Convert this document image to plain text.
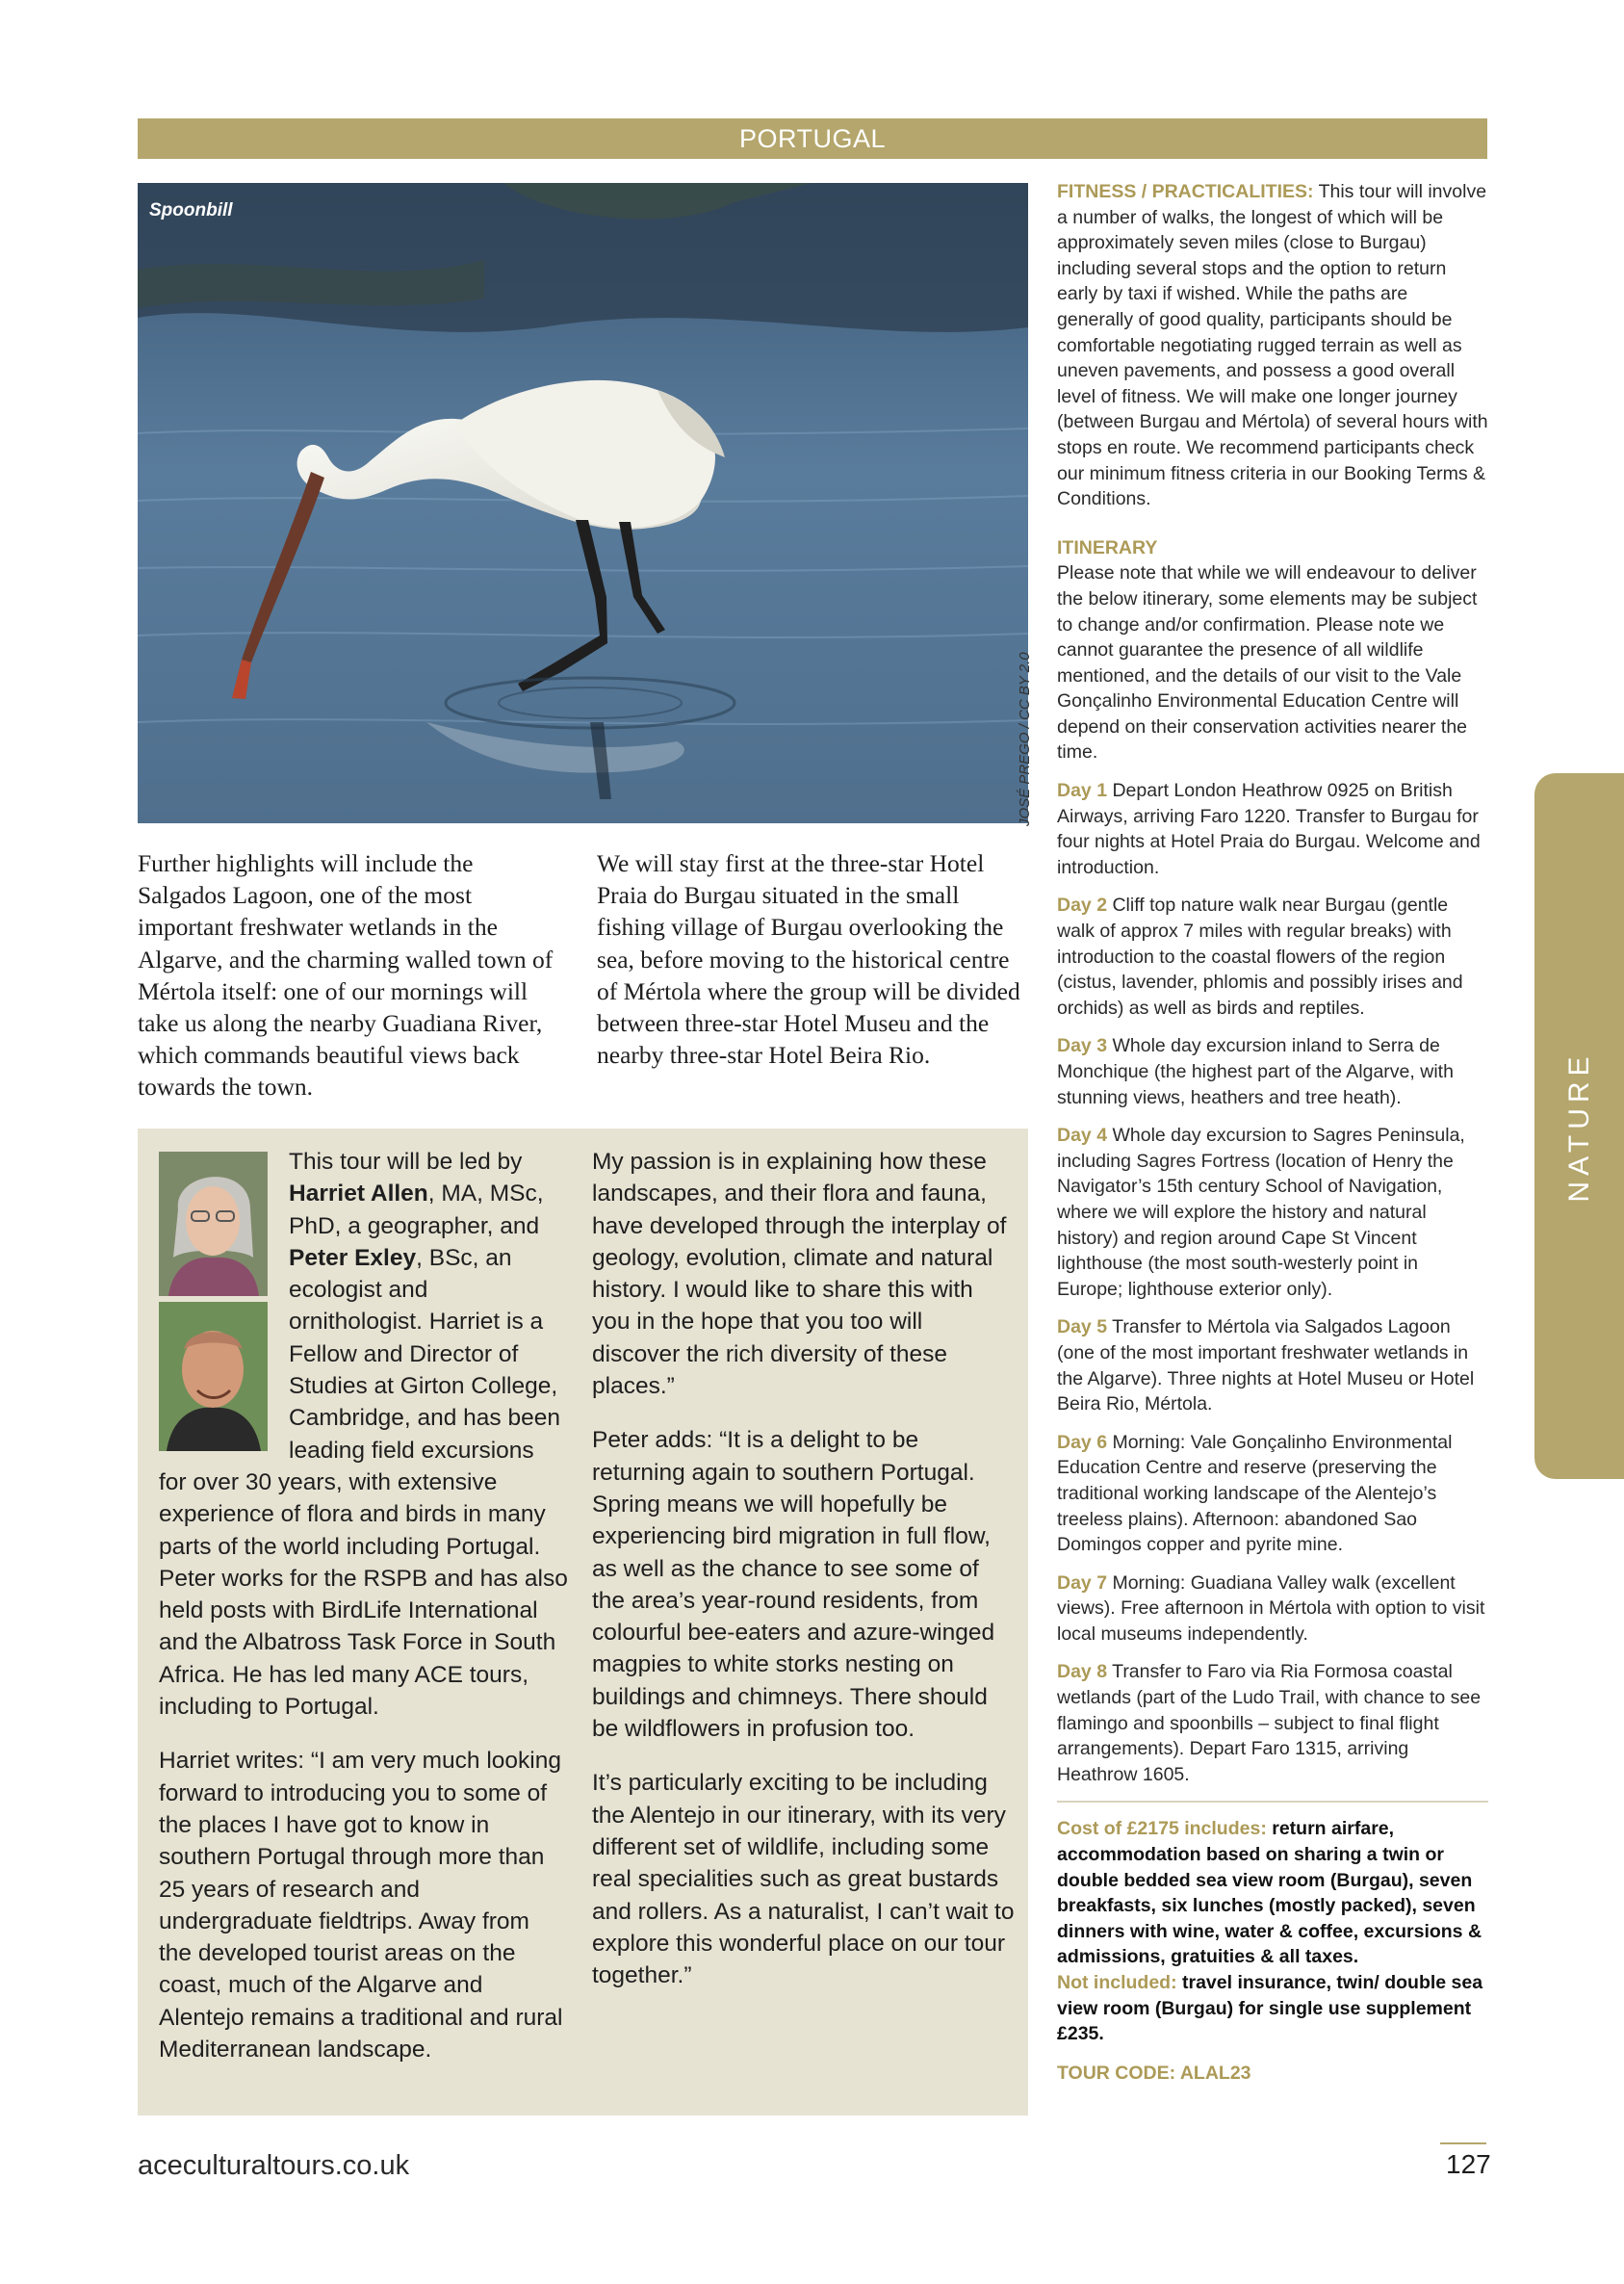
PORTUGAL
Spoonbill
JOSÉ PREGO / CC BY 2.0
Further highlights will include the Salgados Lagoon, one of the most important freshwater wetlands in the Algarve, and the charming walled town of Mértola itself: one of our mornings will take us along the nearby Guadiana River, which commands beautiful views back towards the town.
We will stay first at the three-star Hotel Praia do Burgau situated in the small fishing village of Burgau overlooking the sea, before moving to the historical centre of Mértola where the group will be divided between three-star Hotel Museu and the nearby three-star Hotel Beira Rio.

This tour will be led by Harriet Allen, MA, MSc, PhD, a geographer, and Peter Exley, BSc, an ecologist and ornithologist. Harriet is a Fellow and Director of Studies at Girton College, Cambridge, and has been leading field excursions for over 30 years, with extensive experience of flora and birds in many parts of the world including Portugal. Peter works for the RSPB and has also held posts with BirdLife International and the Albatross Task Force in South Africa. He has led many ACE tours, including to Portugal.

Harriet writes: “I am very much looking forward to introducing you to some of the places I have got to know in southern Portugal through more than 25 years of research and undergraduate fieldtrips. Away from the developed tourist areas on the coast, much of the Algarve and Alentejo remains a traditional and rural Mediterranean landscape.

My passion is in explaining how these landscapes, and their flora and fauna, have developed through the interplay of geology, evolution, climate and natural history. I would like to share this with you in the hope that you too will discover the rich diversity of these places.”

Peter adds: “It is a delight to be returning again to southern Portugal. Spring means we will hopefully be experiencing bird migration in full flow, as well as the chance to see some of the area’s year-round residents, from colourful bee-eaters and azure-winged magpies to white storks nesting on buildings and chimneys. There should be wildflowers in profusion too.

It’s particularly exciting to be including the Alentejo in our itinerary, with its very different set of wildlife, including some real specialities such as great bustards and rollers. As a naturalist, I can’t wait to explore this wonderful place on our tour together.”

FITNESS / PRACTICALITIES: This tour will involve a number of walks, the longest of which will be approximately seven miles (close to Burgau) including several stops and the option to return early by taxi if wished. While the paths are generally of good quality, participants should be comfortable negotiating rugged terrain as well as uneven pavements, and possess a good overall level of fitness. We will make one longer journey (between Burgau and Mértola) of several hours with stops en route. We recommend participants check our minimum fitness criteria in our Booking Terms & Conditions.
ITINERARY
Please note that while we will endeavour to deliver the below itinerary, some elements may be subject to change and/or confirmation. Please note we cannot guarantee the presence of all wildlife mentioned, and the details of our visit to the Vale Gonçalinho Environmental Education Centre will depend on their conservation activities nearer the time.
Day 1 Depart London Heathrow 0925 on British Airways, arriving Faro 1220. Transfer to Burgau for four nights at Hotel Praia do Burgau. Welcome and introduction.
Day 2 Cliff top nature walk near Burgau (gentle walk of approx 7 miles with regular breaks) with introduction to the coastal flowers of the region (cistus, lavender, phlomis and possibly irises and orchids) as well as birds and reptiles.
Day 3 Whole day excursion inland to Serra de Monchique (the highest part of the Algarve, with stunning views, heathers and tree heath).
Day 4 Whole day excursion to Sagres Peninsula, including Sagres Fortress (location of Henry the Navigator’s 15th century School of Navigation, where we will explore the history and natural history) and region around Cape St Vincent lighthouse (the most south-westerly point in Europe; lighthouse exterior only).
Day 5 Transfer to Mértola via Salgados Lagoon (one of the most important freshwater wetlands in the Algarve). Three nights at Hotel Museu or Hotel Beira Rio, Mértola.
Day 6 Morning: Vale Gonçalinho Environmental Education Centre and reserve (preserving the traditional working landscape of the Alentejo’s treeless plains). Afternoon: abandoned Sao Domingos copper and pyrite mine.
Day 7 Morning: Guadiana Valley walk (excellent views). Free afternoon in Mértola with option to visit local museums independently.
Day 8 Transfer to Faro via Ria Formosa coastal wetlands (part of the Ludo Trail, with chance to see flamingo and spoonbills – subject to final flight arrangements). Depart Faro 1315, arriving Heathrow 1605.
Cost of £2175 includes: return airfare, accommodation based on sharing a twin or double bedded sea view room (Burgau), seven breakfasts, six lunches (mostly packed), seven dinners with wine, water & coffee, excursions & admissions, gratuities & all taxes.
Not included: travel insurance, twin/ double sea view room (Burgau) for single use supplement £235.
TOUR CODE: ALAL23
NATURE
aceculturaltours.co.uk	127
